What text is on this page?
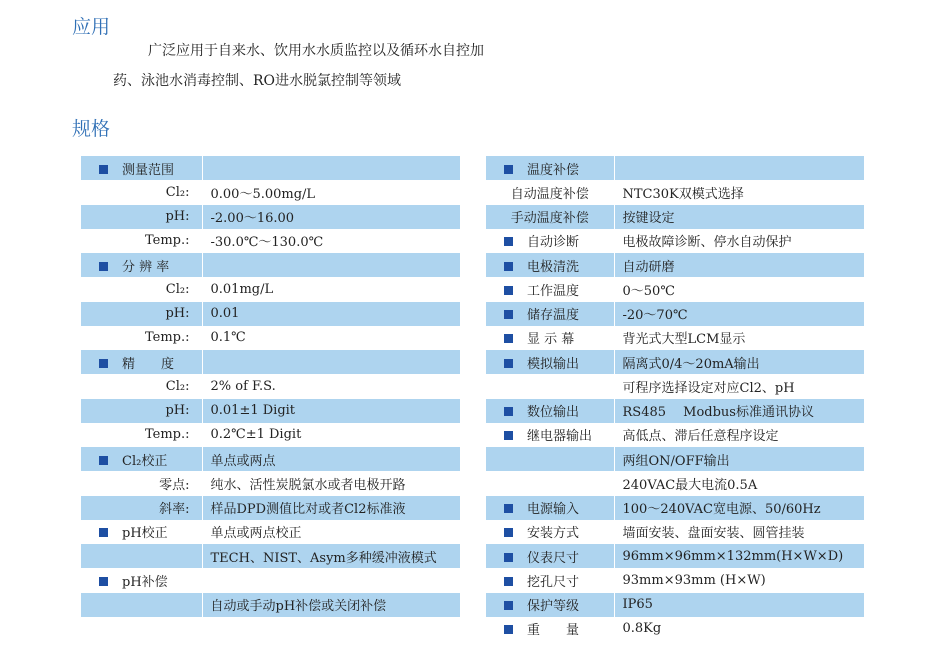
应用

广泛应用于自来水、饮用水水质监控以及循环水自控加

药、泳池水消毒控制、RO进水脱氯控制等领域

规格
测量范围	
Cl₂:	0.00～5.00mg/L
pH:	-2.00～16.00
Temp.:	-30.0℃～130.0℃
分 辨 率	
Cl₂:	0.01mg/L
pH:	0.01
Temp.:	0.1℃
精　　度	
Cl₂:	2% of F.S.
pH:	0.01±1 Digit
Temp.:	0.2℃±1 Digit
Cl₂校正	单点或两点
零点:	纯水、活性炭脱氯水或者电极开路
斜率:	样品DPD测值比对或者Cl2标准液
pH校正	单点或两点校正
	TECH、NIST、Asym多种缓冲液模式
pH补偿	
	自动或手动pH补偿或关闭补偿
温度补偿	
自动温度补偿	NTC30K双模式选择
手动温度补偿	按键设定
自动诊断	电极故障诊断、停水自动保护
电极清洗	自动研磨
工作温度	0～50℃
储存温度	-20～70℃
显 示 幕	背光式大型LCM显示
模拟输出	隔离式0/4～20mA输出
	可程序选择设定对应Cl2、pH
数位输出	RS485　 Modbus标准通讯协议
继电器输出	高低点、滞后任意程序设定
	两组ON/OFF输出
	240VAC最大电流0.5A
电源输入	100～240VAC宽电源、50/60Hz
安装方式	墙面安装、盘面安装、圆管挂装
仪表尺寸	96mm×96mm×132mm(H×W×D)
挖孔尺寸	93mm×93mm (H×W)
保护等级	IP65
重　　量	0.8Kg
